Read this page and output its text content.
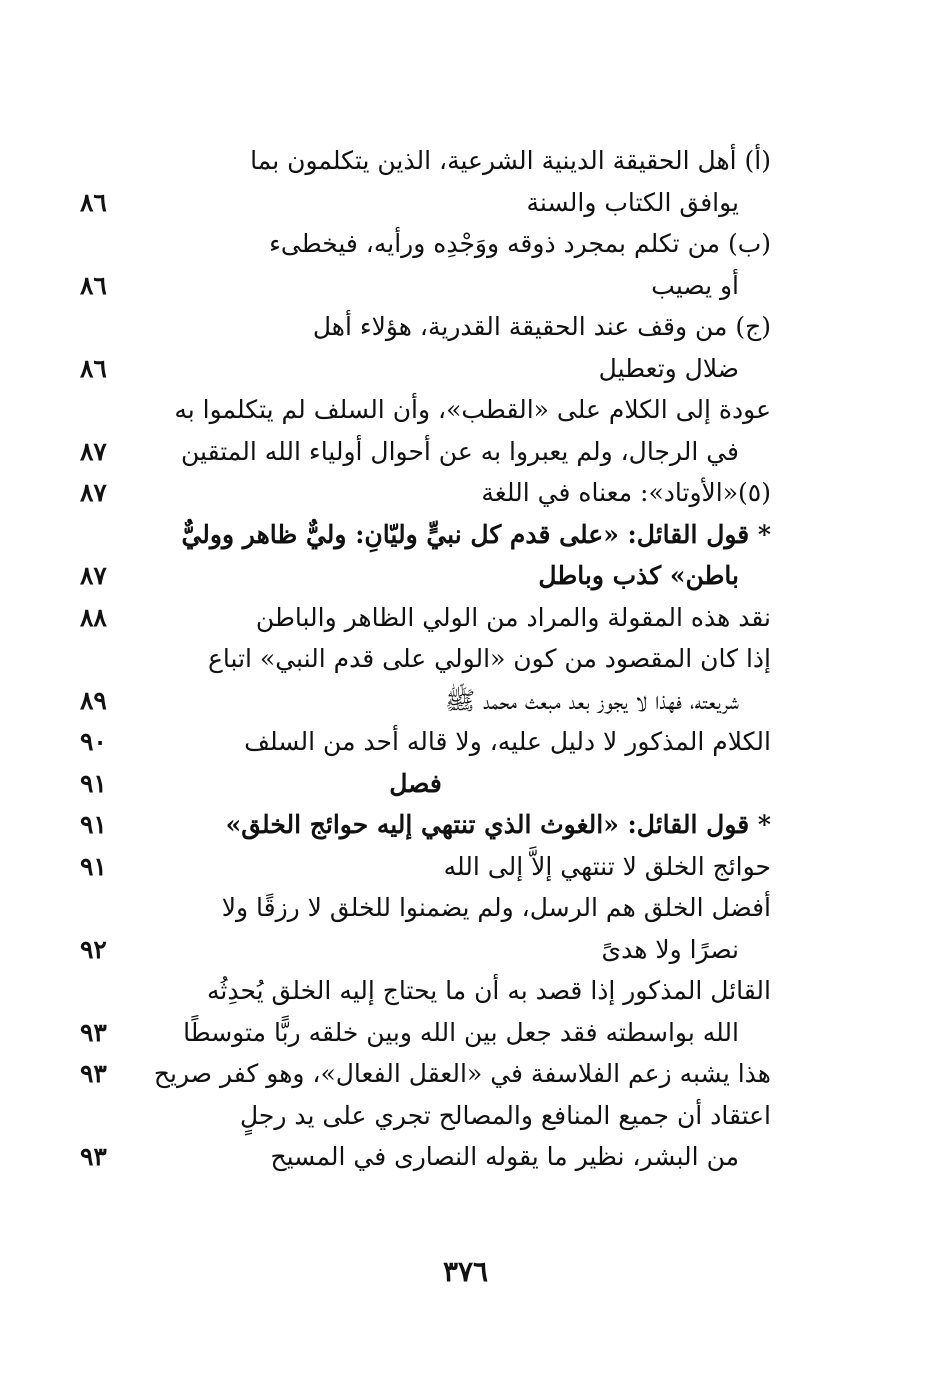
(أ) أهل الحقيقة الدينية الشرعية، الذين يتكلمون بما
يوافق الكتاب والسنة
٨٦
(ب) من تكلم بمجرد ذوقه ووَجْدِه ورأيه، فيخطىء
أو يصيب
٨٦
(ج) من وقف عند الحقيقة القدرية، هؤلاء أهل
ضلال وتعطيل
٨٦
عودة إلى الكلام على «القطب»، وأن السلف لم يتكلموا به
في الرجال، ولم يعبروا به عن أحوال أولياء الله المتقين
٨٧
(٥)«الأوتاد»: معناه في اللغة
٨٧
* قول القائل: «على قدم كل نبيٍّ وليّانِ: وليٌّ ظاهر ووليٌّ
باطن» كذب وباطل
٨٧
نقد هذه المقولة والمراد من الولي الظاهر والباطن
٨٨
إذا كان المقصود من كون «الولي على قدم النبي» اتباع
شريعته، فهذا لا يجوز بعد مبعث محمد ﷺ
٨٩
الكلام المذكور لا دليل عليه، ولا قاله أحد من السلف
٩٠
فصل
٩١
* قول القائل: «الغوث الذي تنتهي إليه حوائج الخلق»
٩١
حوائج الخلق لا تنتهي إلاَّ إلى الله
٩١
أفضل الخلق هم الرسل، ولم يضمنوا للخلق لا رزقًا ولا
نصرًا ولا هدىً
٩٢
القائل المذكور إذا قصد به أن ما يحتاج إليه الخلق يُحدِثُه
الله بواسطته فقد جعل بين الله وبين خلقه ربًّا متوسطًا
٩٣
هذا يشبه زعم الفلاسفة في «العقل الفعال»، وهو كفر صريح
٩٣
اعتقاد أن جميع المنافع والمصالح تجري على يد رجلٍ
من البشر، نظير ما يقوله النصارى في المسيح
٩٣
٣٧٦
